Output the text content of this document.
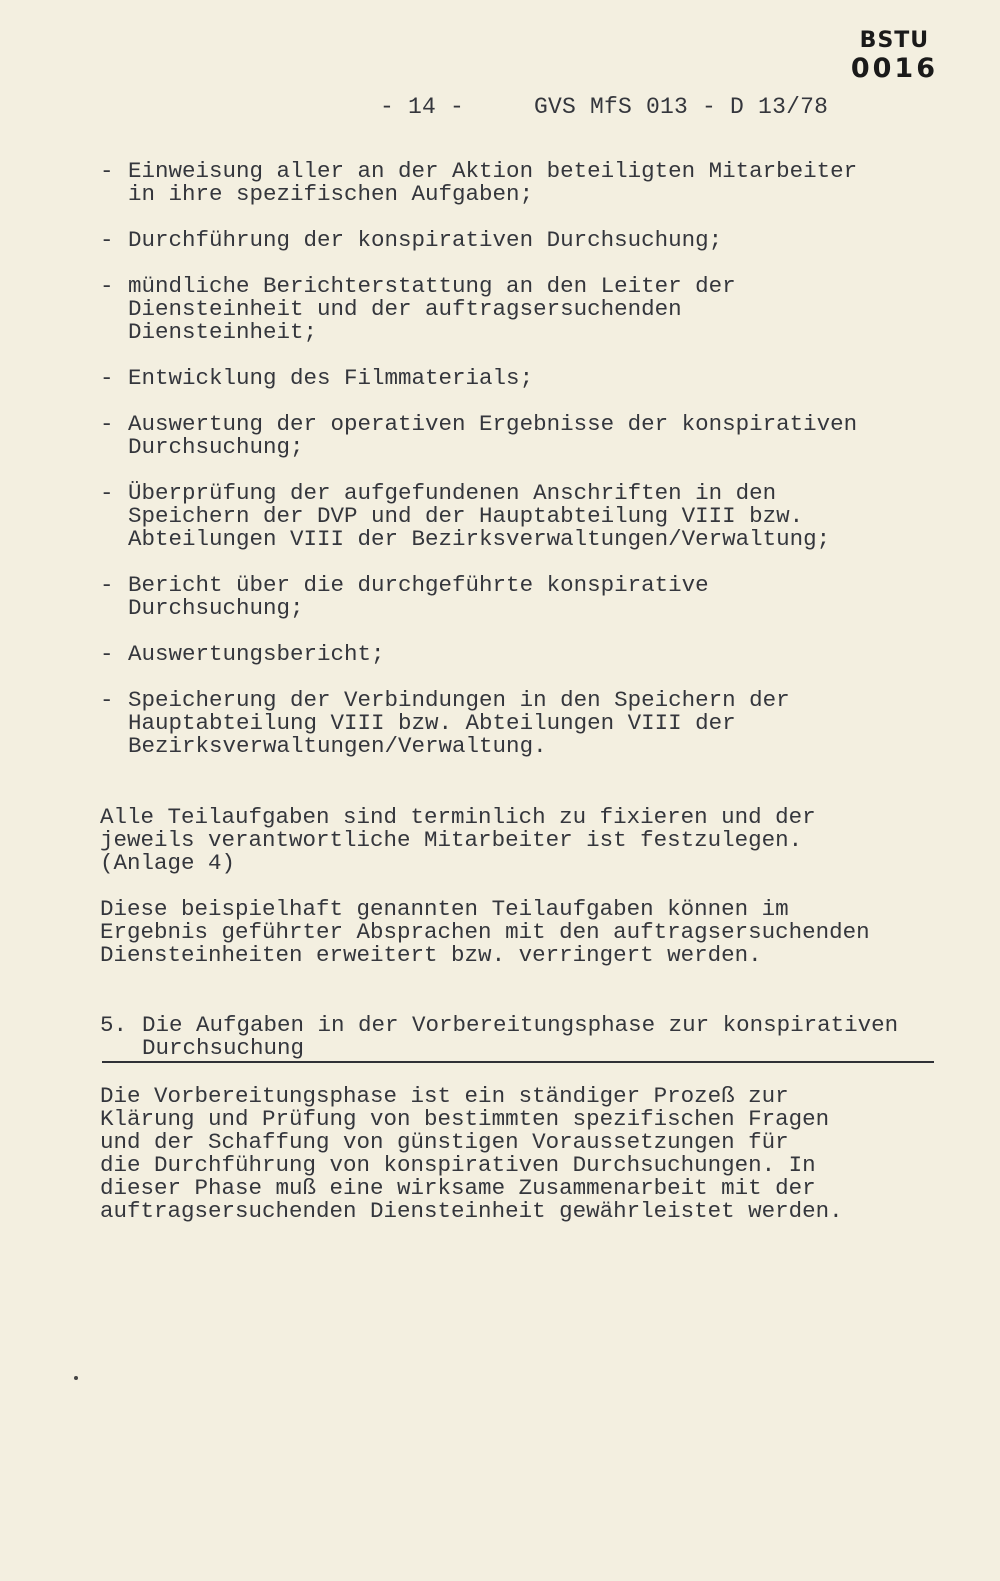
BSTU
0016
- 14 -     GVS MfS 013 - D 13/78
- Einweisung aller an der Aktion beteiligten Mitarbeiter
in ihre spezifischen Aufgaben;
- Durchführung der konspirativen Durchsuchung;
- mündliche Berichterstattung an den Leiter der
Diensteinheit und der auftragsersuchenden
Diensteinheit;
- Entwicklung des Filmmaterials;
- Auswertung der operativen Ergebnisse der konspirativen
Durchsuchung;
- Überprüfung der aufgefundenen Anschriften in den
Speichern der DVP und der Hauptabteilung VIII bzw.
Abteilungen VIII der Bezirksverwaltungen/Verwaltung;
- Bericht über die durchgeführte konspirative
Durchsuchung;
- Auswertungsbericht;
- Speicherung der Verbindungen in den Speichern der
Hauptabteilung VIII bzw. Abteilungen VIII der
Bezirksverwaltungen/Verwaltung.
Alle Teilaufgaben sind terminlich zu fixieren und der
jeweils verantwortliche Mitarbeiter ist festzulegen.
(Anlage 4)
Diese beispielhaft genannten Teilaufgaben können im
Ergebnis geführter Absprachen mit den auftragsersuchenden
Diensteinheiten erweitert bzw. verringert werden.
5. Die Aufgaben in der Vorbereitungsphase zur konspirativen
Durchsuchung
Die Vorbereitungsphase ist ein ständiger Prozeß zur
Klärung und Prüfung von bestimmten spezifischen Fragen
und der Schaffung von günstigen Voraussetzungen für
die Durchführung von konspirativen Durchsuchungen. In
dieser Phase muß eine wirksame Zusammenarbeit mit der
auftragsersuchenden Diensteinheit gewährleistet werden.
